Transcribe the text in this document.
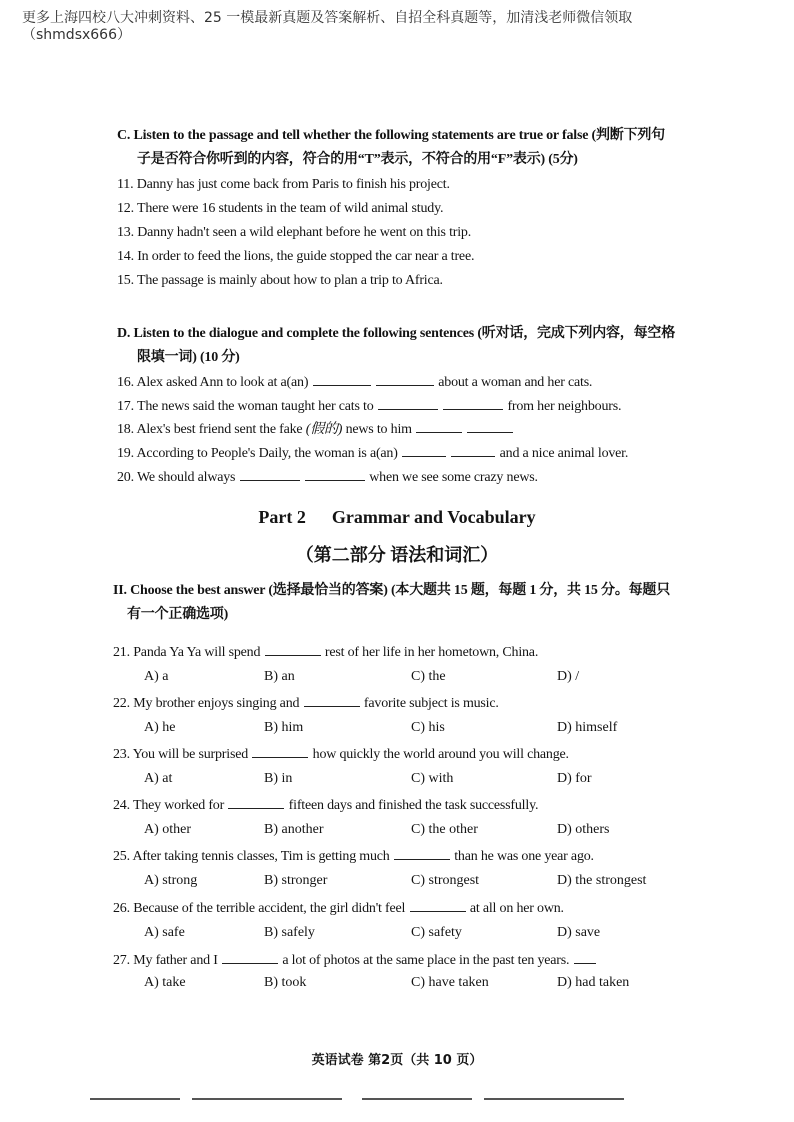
更多上海四校八大冲刺资料、25 一模最新真题及答案解析、自招全科真题等，加清浅老师微信领取
（shmdsx666）
C. Listen to the passage and tell whether the following statements are true or false (判断下列句
子是否符合你听到的内容，符合的用“T”表示，不符合的用“F”表示) (5分)
11. Danny has just come back from Paris to finish his project.
12. There were 16 students in the team of wild animal study.
13. Danny hadn't seen a wild elephant before he went on this trip.
14. In order to feed the lions, the guide stopped the car near a tree.
15. The passage is mainly about how to plan a trip to Africa.
D. Listen to the dialogue and complete the following sentences (听对话，完成下列内容，每空格
限填一词) (10 分)
16. Alex asked Ann to look at a(an)	about a woman and her cats.
17. The news said the woman taught her cats to	from her neighbours.
18. Alex's best friend sent the fake (假的) news to him
19. According to People's Daily, the woman is a(an)	and a nice animal lover.
20. We should always	when we see some crazy news.
Part 2 Grammar and Vocabulary
（第二部分 语法和词汇）
II. Choose the best answer (选择最恰当的答案) (本大题共 15 题，每题 1 分，共 15 分。每题只
有一个正确选项)
21. Panda Ya Ya will spend	rest of her life in her hometown, China.
A) a	B) an	C) the	D) /
22. My brother enjoys singing and	favorite subject is music.
A) he	B) him	C) his	D) himself
23. You will be surprised	how quickly the world around you will change.
A) at	B) in	C) with	D) for
24. They worked for	fifteen days and finished the task successfully.
A) other	B) another	C) the other	D) others
25. After taking tennis classes, Tim is getting much	than he was one year ago.
A) strong	B) stronger	C) strongest	D) the strongest
26. Because of the terrible accident, the girl didn't feel	at all on her own.
A) safe	B) safely	C) safety	D) save
27. My father and I	a lot of photos at the same place in the past ten years.
A) take	B) took	C) have taken	D) had taken
英语试卷 第2页（共 10 页）
